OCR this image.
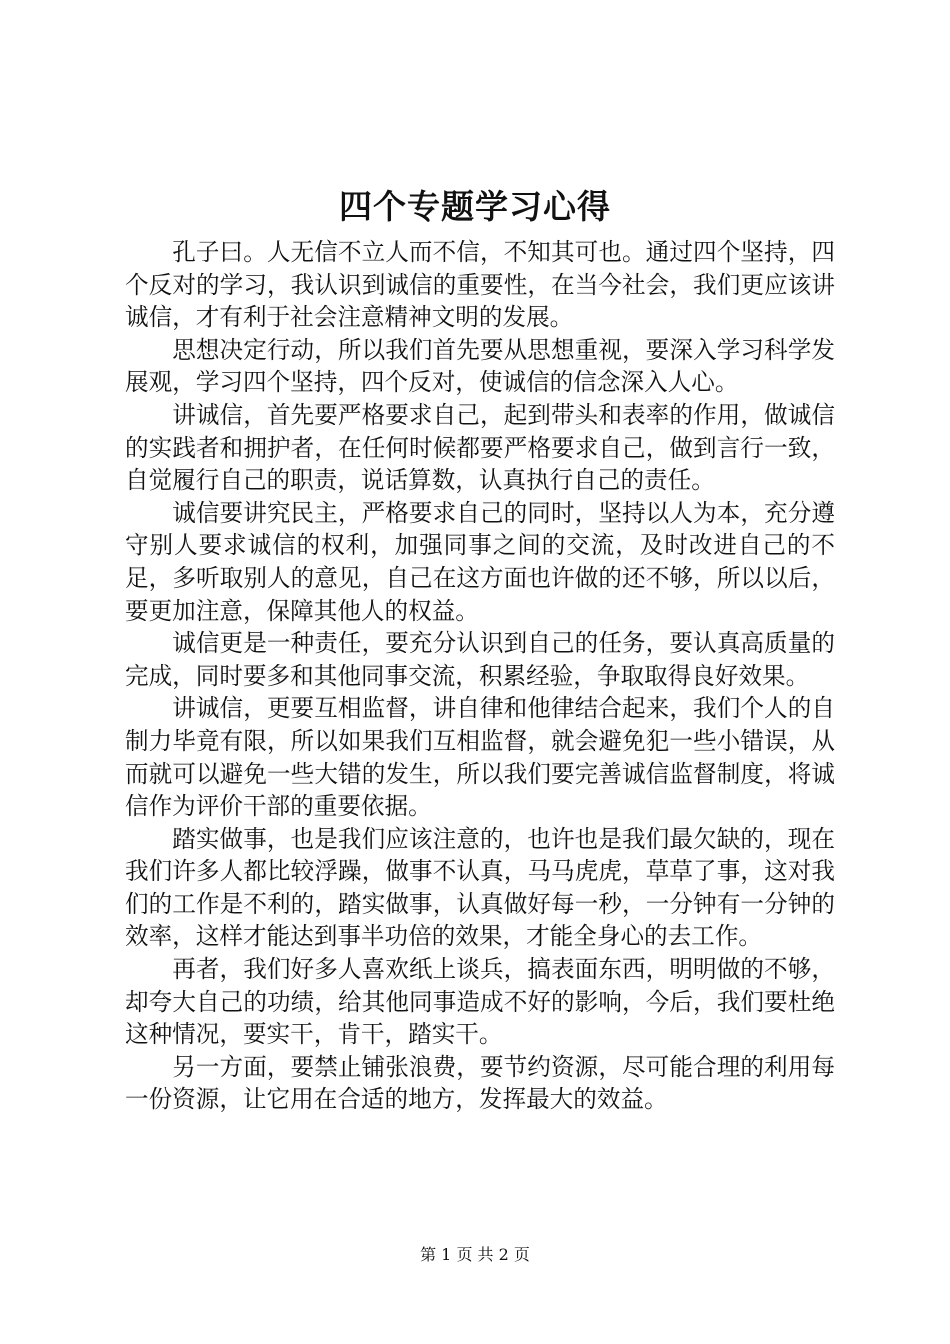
四个专题学习心得

孔子曰。人无信不立人而不信，不知其可也。通过四个坚持，四个反对的学习，我认识到诚信的重要性，在当今社会，我们更应该讲诚信，才有利于社会注意精神文明的发展。

思想决定行动，所以我们首先要从思想重视，要深入学习科学发展观，学习四个坚持，四个反对，使诚信的信念深入人心。

讲诚信，首先要严格要求自己，起到带头和表率的作用，做诚信的实践者和拥护者，在任何时候都要严格要求自己，做到言行一致，自觉履行自己的职责，说话算数，认真执行自己的责任。

诚信要讲究民主，严格要求自己的同时，坚持以人为本，充分遵守别人要求诚信的权利，加强同事之间的交流，及时改进自己的不足，多听取别人的意见，自己在这方面也许做的还不够，所以以后，要更加注意，保障其他人的权益。

诚信更是一种责任，要充分认识到自己的任务，要认真高质量的完成，同时要多和其他同事交流，积累经验，争取取得良好效果。

讲诚信，更要互相监督，讲自律和他律结合起来，我们个人的自制力毕竟有限，所以如果我们互相监督，就会避免犯一些小错误，从而就可以避免一些大错的发生，所以我们要完善诚信监督制度，将诚信作为评价干部的重要依据。

踏实做事，也是我们应该注意的，也许也是我们最欠缺的，现在我们许多人都比较浮躁，做事不认真，马马虎虎，草草了事，这对我们的工作是不利的，踏实做事，认真做好每一秒，一分钟有一分钟的效率，这样才能达到事半功倍的效果，才能全身心的去工作。

再者，我们好多人喜欢纸上谈兵，搞表面东西，明明做的不够，却夸大自己的功绩，给其他同事造成不好的影响，今后，我们要杜绝这种情况，要实干，肯干，踏实干。

另一方面，要禁止铺张浪费，要节约资源，尽可能合理的利用每一份资源，让它用在合适的地方，发挥最大的效益。

第 1 页 共 2 页
